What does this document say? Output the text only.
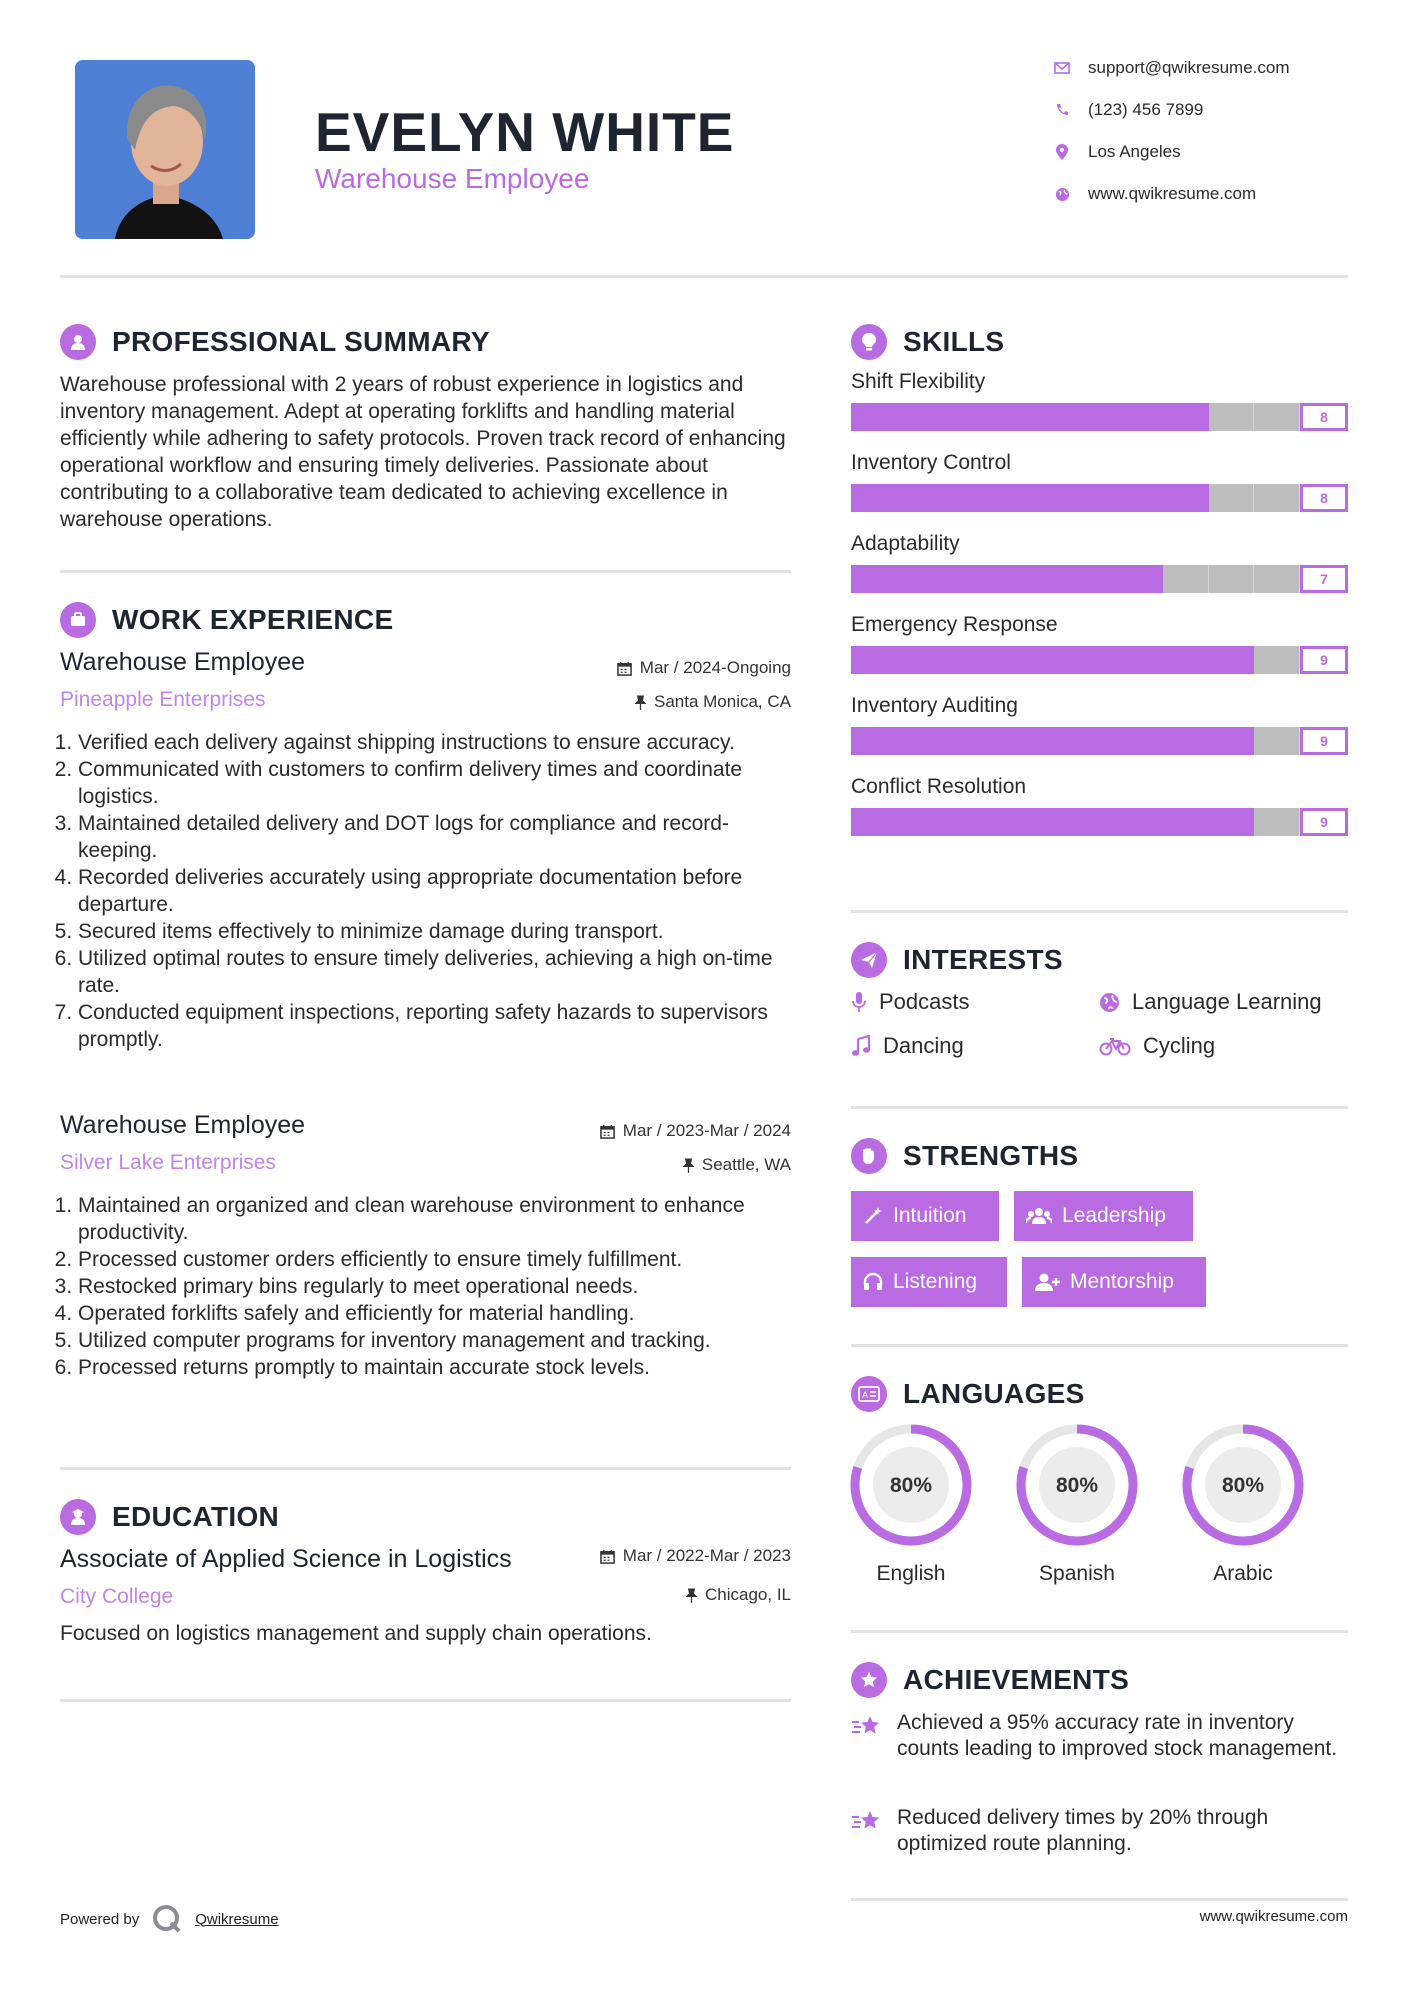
EVELYN WHITE
Warehouse Employee
support@qwikresume.com
(123) 456 7899
Los Angeles
www.qwikresume.com
PROFESSIONAL SUMMARY
Warehouse professional with 2 years of robust experience in logistics and inventory management. Adept at operating forklifts and handling material efficiently while adhering to safety protocols. Proven track record of enhancing operational workflow and ensuring timely deliveries. Passionate about contributing to a collaborative team dedicated to achieving excellence in warehouse operations.
WORK EXPERIENCE
Warehouse Employee	Mar / 2024-Ongoing
Pineapple Enterprises	Santa Monica, CA
1. Verified each delivery against shipping instructions to ensure accuracy.
2. Communicated with customers to confirm delivery times and coordinate logistics.
3. Maintained detailed delivery and DOT logs for compliance and record-keeping.
4. Recorded deliveries accurately using appropriate documentation before departure.
5. Secured items effectively to minimize damage during transport.
6. Utilized optimal routes to ensure timely deliveries, achieving a high on-time rate.
7. Conducted equipment inspections, reporting safety hazards to supervisors promptly.
Warehouse Employee	Mar / 2023-Mar / 2024
Silver Lake Enterprises	Seattle, WA
1. Maintained an organized and clean warehouse environment to enhance productivity.
2. Processed customer orders efficiently to ensure timely fulfillment.
3. Restocked primary bins regularly to meet operational needs.
4. Operated forklifts safely and efficiently for material handling.
5. Utilized computer programs for inventory management and tracking.
6. Processed returns promptly to maintain accurate stock levels.
EDUCATION
Associate of Applied Science in Logistics	Mar / 2022-Mar / 2023
City College	Chicago, IL
Focused on logistics management and supply chain operations.
SKILLS
Shift Flexibility
8
Inventory Control
8
Adaptability
7
Emergency Response
9
Inventory Auditing
9
Conflict Resolution
9
INTERESTS
Podcasts	Language Learning
Dancing	Cycling
STRENGTHS
Intuition	Leadership
Listening	Mentorship
A LANGUAGES
80%
English
80%
Spanish
80%
Arabic
ACHIEVEMENTS
Achieved a 95% accuracy rate in inventory counts leading to improved stock management.
Reduced delivery times by 20% through optimized route planning.
Powered by	Qwikresume	www.qwikresume.com
